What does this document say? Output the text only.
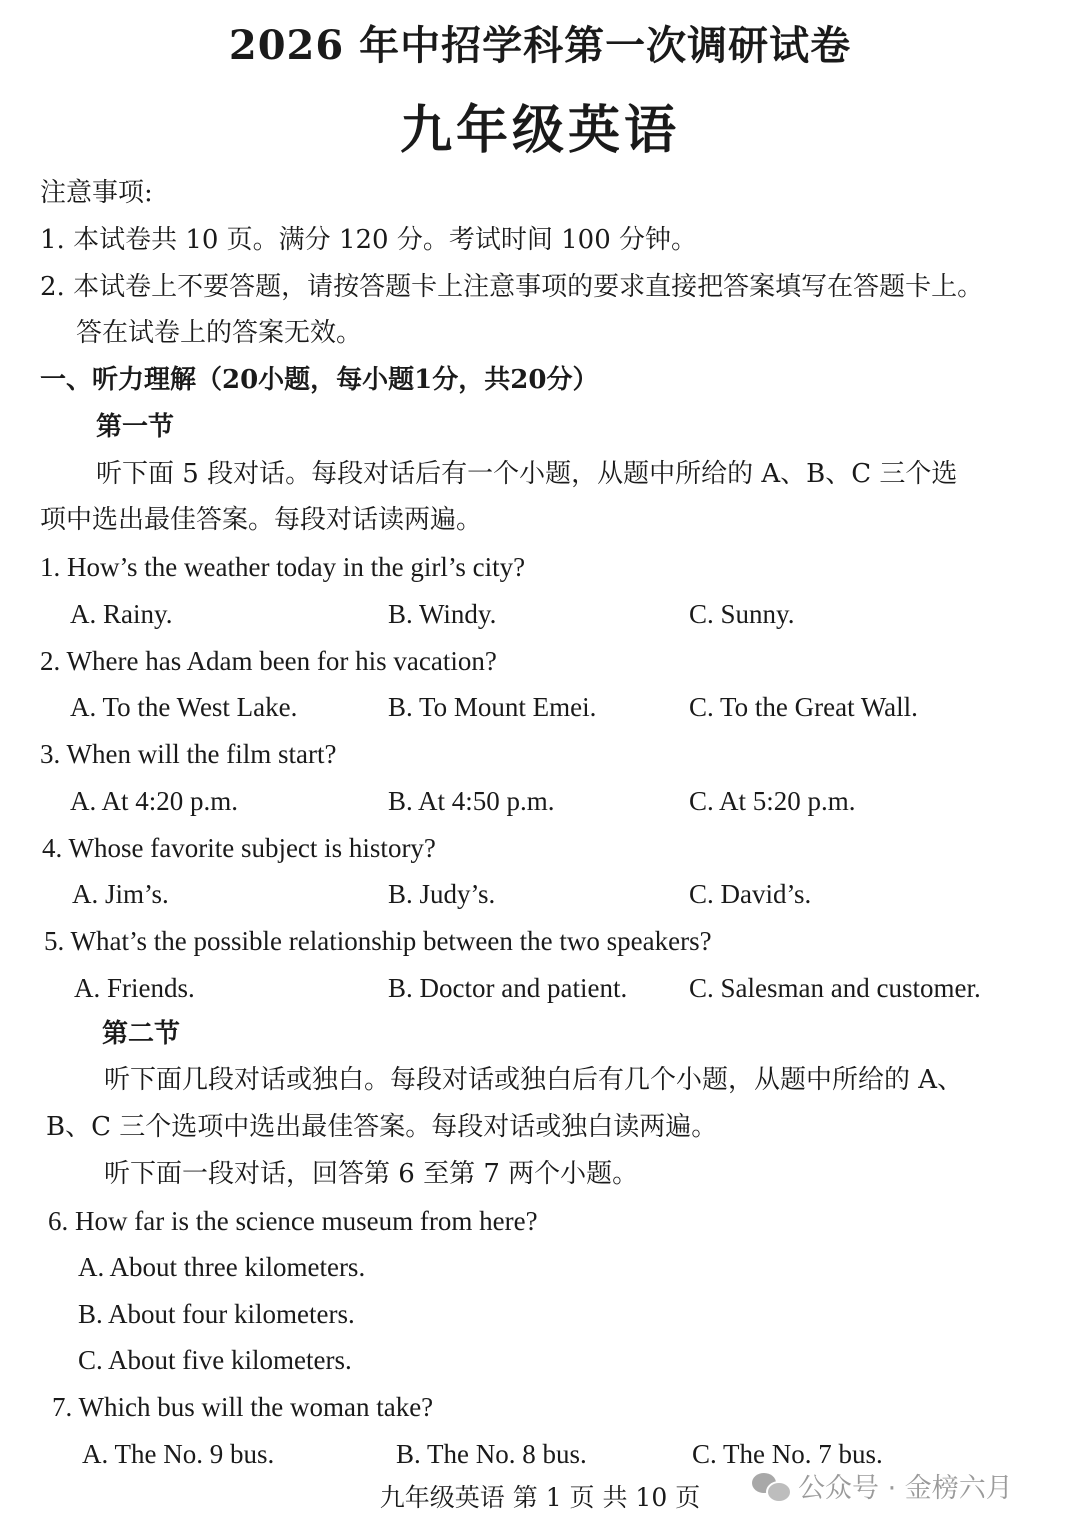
2026 年中招学科第一次调研试卷
九年级英语
注意事项:
1. 本试卷共 10 页。满分 120 分。考试时间 100 分钟。
2. 本试卷上不要答题，请按答题卡上注意事项的要求直接把答案填写在答题卡上。
答在试卷上的答案无效。
一、听力理解（20小题，每小题1分，共20分）
第一节
听下面 5 段对话。每段对话后有一个小题，从题中所给的 A、B、C 三个选
项中选出最佳答案。每段对话读两遍。
1. How’s the weather today in the girl’s city?
A. Rainy.	B. Windy.	C. Sunny.
2. Where has Adam been for his vacation?
A. To the West Lake.	B. To Mount Emei.	C. To the Great Wall.
3. When will the film start?
A. At 4:20 p.m.	B. At 4:50 p.m.	C. At 5:20 p.m.
4. Whose favorite subject is history?
A. Jim’s.	B. Judy’s.	C. David’s.
5. What’s the possible relationship between the two speakers?
A. Friends.	B. Doctor and patient. C. Salesman and customer.
第二节
听下面几段对话或独白。每段对话或独白后有几个小题，从题中所给的 A、
B、C 三个选项中选出最佳答案。每段对话或独白读两遍。
听下面一段对话，回答第 6 至第 7 两个小题。
6. How far is the science museum from here?
A. About three kilometers.
B. About four kilometers.
C. About five kilometers.
7. Which bus will the woman take?
A. The No. 9 bus.	B. The No. 8 bus.	C. The No. 7 bus.
九年级英语 第 1 页 共 10 页	公众号 · 金榜六月
